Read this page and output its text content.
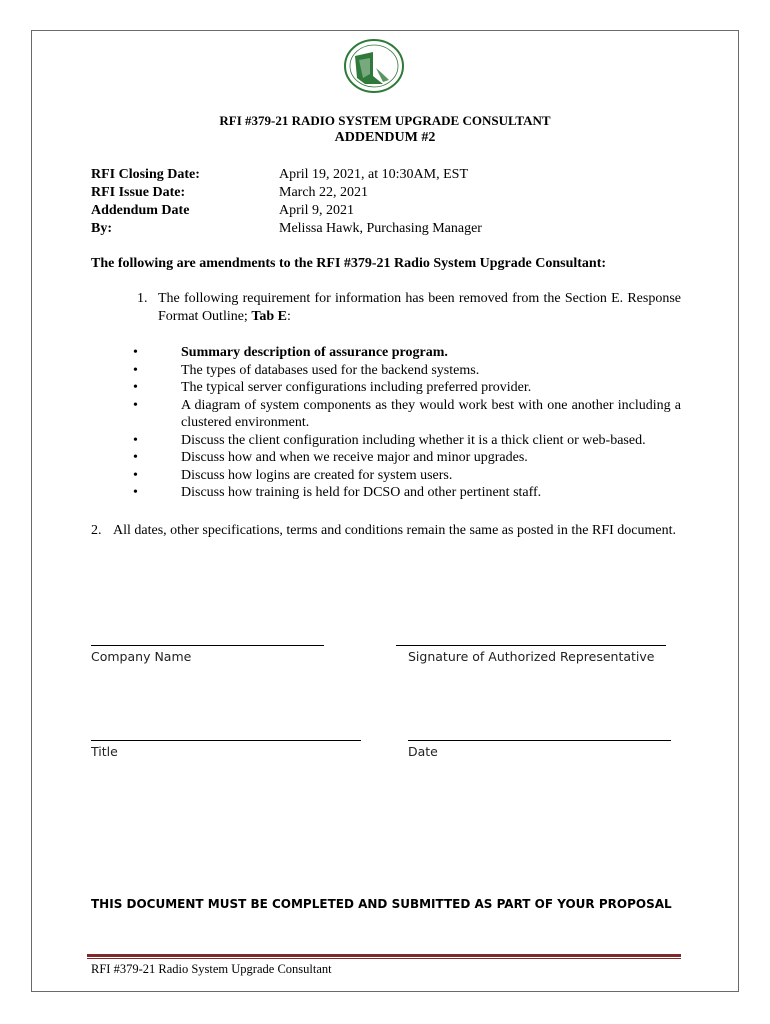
RFI #379-21 RADIO SYSTEM UPGRADE CONSULTANT
ADDENDUM #2
RFI Closing Date:	April 19, 2021, at 10:30AM, EST
RFI Issue Date:	March 22, 2021
Addendum Date	April 9, 2021
By:	Melissa Hawk, Purchasing Manager
The following are amendments to the RFI #379-21 Radio System Upgrade Consultant:
1. The following requirement for information has been removed from the Section E. Response Format Outline; Tab E:
•	Summary description of assurance program.
•	The types of databases used for the backend systems.
•	The typical server configurations including preferred provider.
•	A diagram of system components as they would work best with one another including a clustered environment.
•	Discuss the client configuration including whether it is a thick client or web-based.
•	Discuss how and when we receive major and minor upgrades.
•	Discuss how logins are created for system users.
•	Discuss how training is held for DCSO and other pertinent staff.
2. All dates, other specifications, terms and conditions remain the same as posted in the RFI document.
Company Name	Signature of Authorized Representative
Title	Date
THIS DOCUMENT MUST BE COMPLETED AND SUBMITTED AS PART OF YOUR PROPOSAL
RFI #379-21 Radio System Upgrade Consultant
